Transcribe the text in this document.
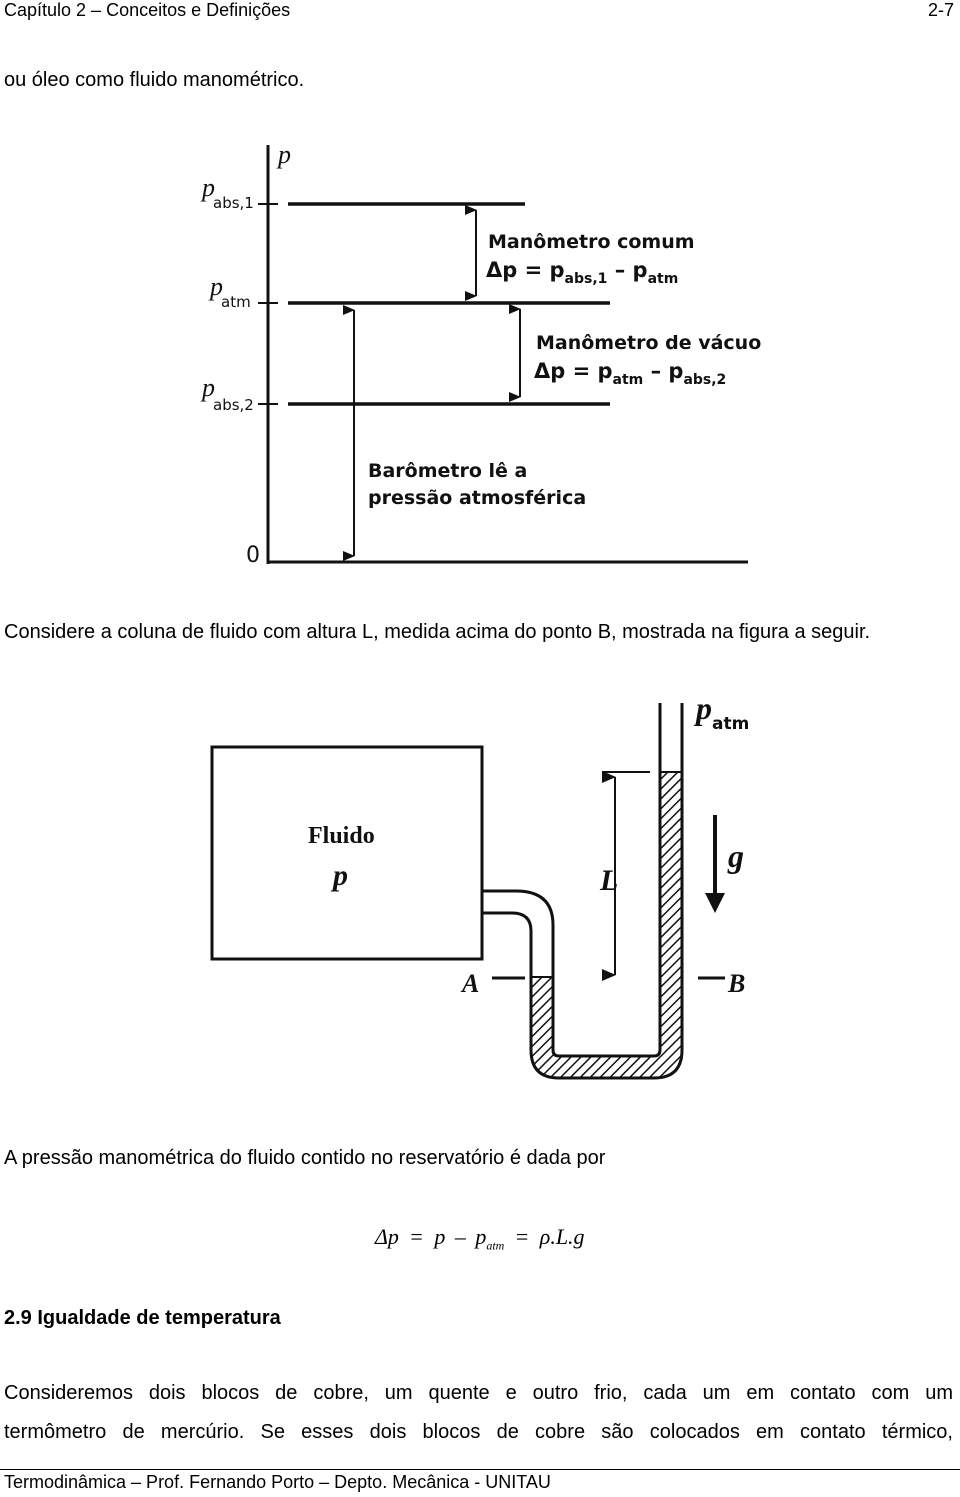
Capítulo 2 – Conceitos e Definições	2-7
ou óleo como fluido manométrico.
p
p
abs,1
p
atm
p
abs,2
0
Manômetro comum
$\Delta p = p_{abs,1} - p_{atm}$
Manômetro de vácuo
$\Delta p = p_{atm} - p_{abs,2}$
Barômetro lê a
pressão atmosférica
Considere a coluna de fluido com altura L, medida acima do ponto B, mostrada na figura a seguir.
Fluido
p
p atm
L
g
A	B
A pressão manométrica do fluido contido no reservatório é dada por
$\Delta p = p - p_{atm} = \rho.L.g$
2.9 Igualdade de temperatura
Consideremos dois blocos de cobre, um quente e outro frio, cada um em contato com um
termômetro de mercúrio. Se esses dois blocos de cobre são colocados em contato térmico,
Termodinâmica – Prof. Fernando Porto – Depto. Mecânica - UNITAU
